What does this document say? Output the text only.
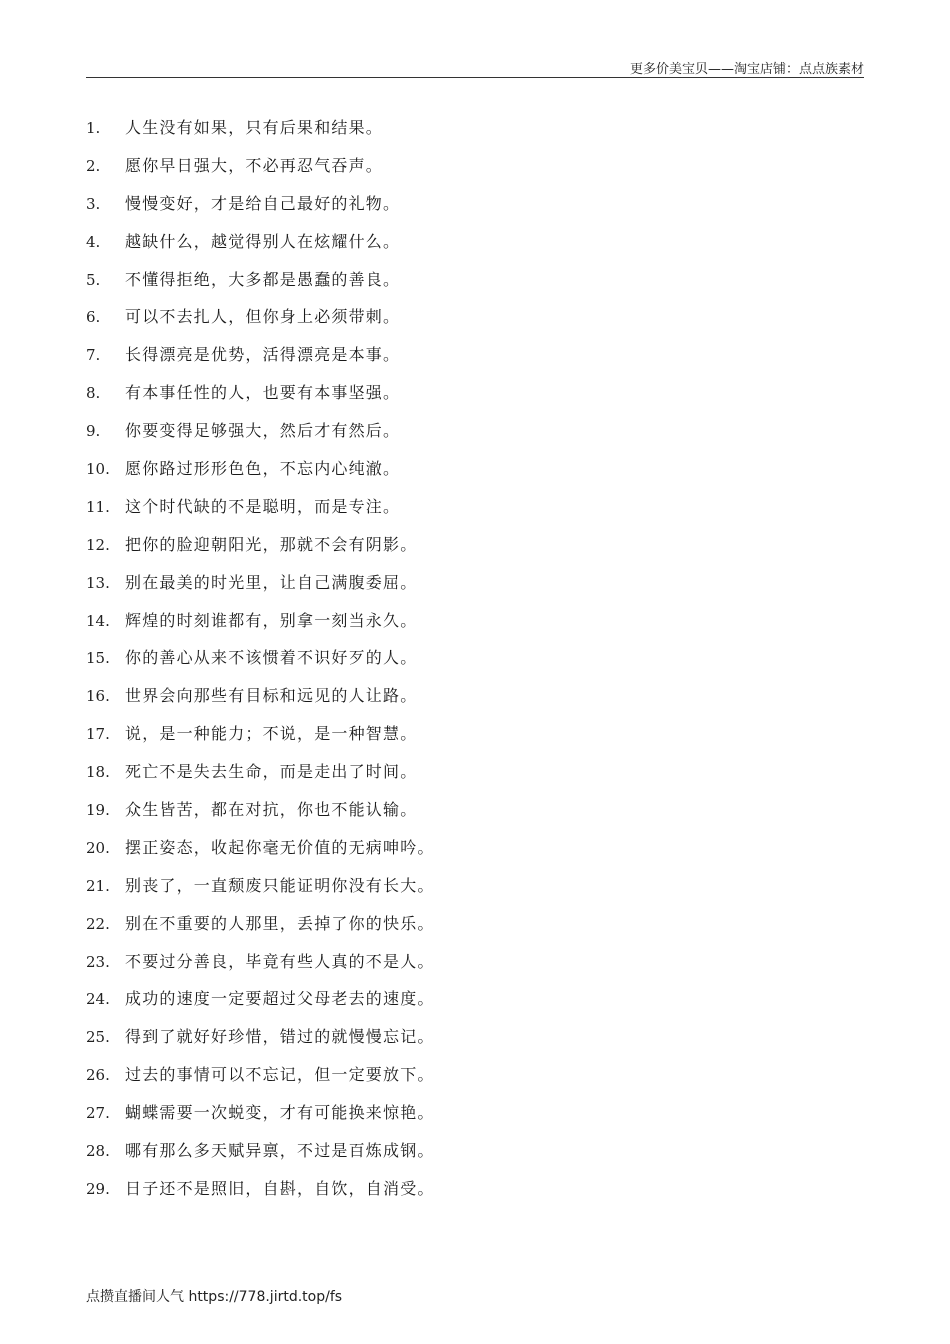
更多价美宝贝——淘宝店铺：点点族素材
1. 人生没有如果，只有后果和结果。
2. 愿你早日强大，不必再忍气吞声。
3. 慢慢变好，才是给自己最好的礼物。
4. 越缺什么，越觉得别人在炫耀什么。
5. 不懂得拒绝，大多都是愚蠢的善良。
6. 可以不去扎人，但你身上必须带刺。
7. 长得漂亮是优势，活得漂亮是本事。
8. 有本事任性的人，也要有本事坚强。
9. 你要变得足够强大，然后才有然后。
10. 愿你路过形形色色，不忘内心纯澈。
11. 这个时代缺的不是聪明，而是专注。
12. 把你的脸迎朝阳光，那就不会有阴影。
13. 别在最美的时光里，让自己满腹委屈。
14. 辉煌的时刻谁都有，别拿一刻当永久。
15. 你的善心从来不该惯着不识好歹的人。
16. 世界会向那些有目标和远见的人让路。
17. 说，是一种能力；不说，是一种智慧。
18. 死亡不是失去生命，而是走出了时间。
19. 众生皆苦，都在对抗，你也不能认输。
20. 摆正姿态，收起你毫无价值的无病呻吟。
21. 别丧了，一直颓废只能证明你没有长大。
22. 别在不重要的人那里，丢掉了你的快乐。
23. 不要过分善良，毕竟有些人真的不是人。
24. 成功的速度一定要超过父母老去的速度。
25. 得到了就好好珍惜，错过的就慢慢忘记。
26. 过去的事情可以不忘记，但一定要放下。
27. 蝴蝶需要一次蜕变，才有可能换来惊艳。
28. 哪有那么多天赋异禀，不过是百炼成钢。
29. 日子还不是照旧，自斟，自饮，自消受。
点攒直播间人气 https://778.jirtd.top/fs
